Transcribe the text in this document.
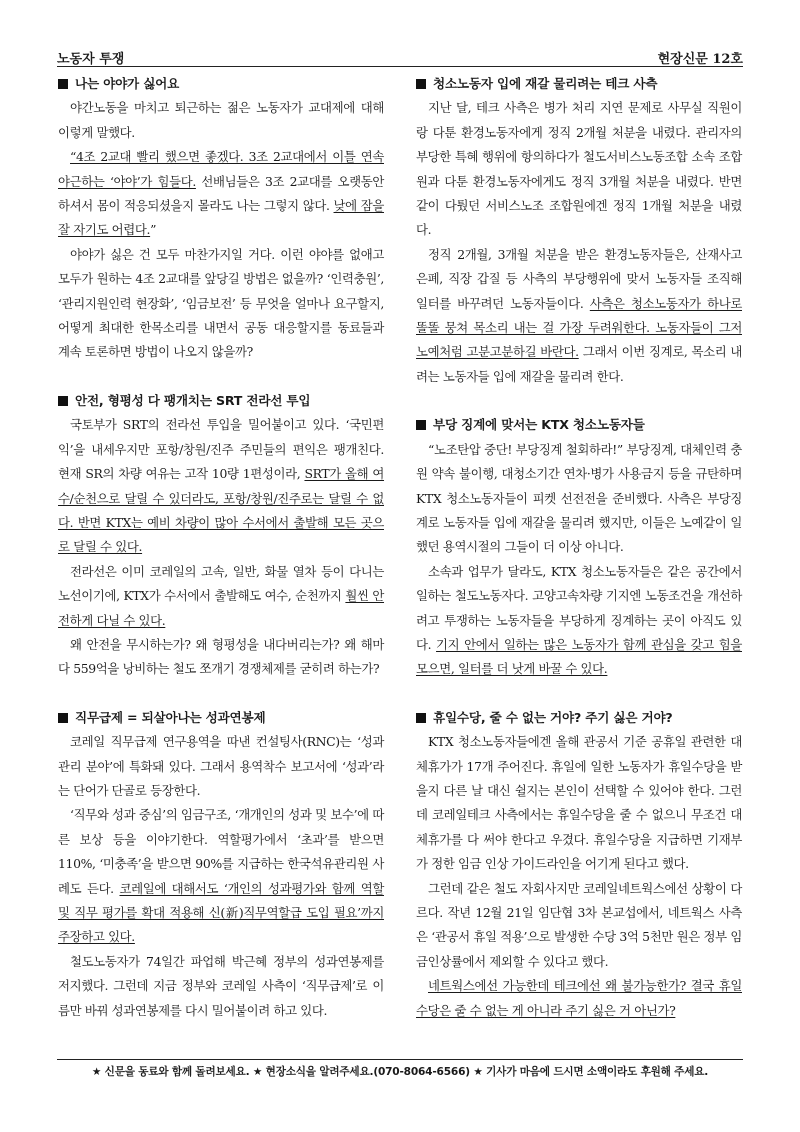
노동자 투쟁	현장신문 12호
나는 야야가 싫어요

야간노동을 마치고 퇴근하는 젊은 노동자가 교대제에 대해 이렇게 말했다.

“4조 2교대 빨리 했으면 좋겠다. 3조 2교대에서 이틀 연속 야근하는 ‘야야’가 힘들다. 선배님들은 3조 2교대를 오랫동안 하셔서 몸이 적응되셨을지 몰라도 나는 그렇지 않다. 낮에 잠을 잘 자기도 어렵다.”

야야가 싫은 건 모두 마찬가지일 거다. 이런 야야를 없애고 모두가 원하는 4조 2교대를 앞당길 방법은 없을까? ‘인력충원’, ‘관리지원인력 현장화’, ‘임금보전’ 등 무엇을 얼마나 요구할지, 어떻게 최대한 한목소리를 내면서 공동 대응할지를 동료들과 계속 토론하면 방법이 나오지 않을까?

안전, 형평성 다 팽개치는 SRT 전라선 투입

국토부가 SRT의 전라선 투입을 밀어붙이고 있다. ‘국민편익’을 내세우지만 포항/창원/진주 주민들의 편익은 팽개친다. 현재 SR의 차량 여유는 고작 10량 1편성이라, SRT가 올해 여수/순천으로 달릴 수 있더라도, 포항/창원/진주로는 달릴 수 없다. 반면 KTX는 예비 차량이 많아 수서에서 출발해 모든 곳으로 달릴 수 있다.

전라선은 이미 코레일의 고속, 일반, 화물 열차 등이 다니는 노선이기에, KTX가 수서에서 출발해도 여수, 순천까지 훨씬 안전하게 다닐 수 있다.

왜 안전을 무시하는가? 왜 형평성을 내다버리는가? 왜 해마다 559억을 낭비하는 철도 쪼개기 경쟁체제를 굳히려 하는가?

직무급제 = 되살아나는 성과연봉제

코레일 직무급제 연구용역을 따낸 컨설팅사(RNC)는 ‘성과관리 분야’에 특화돼 있다. 그래서 용역착수 보고서에 ‘성과’라는 단어가 단골로 등장한다.

‘직무와 성과 중심’의 임금구조, ‘개개인의 성과 및 보수’에 따른 보상 등을 이야기한다. 역할평가에서 ‘초과’를 받으면 110%, ‘미충족’을 받으면 90%를 지급하는 한국석유관리원 사례도 든다. 코레일에 대해서도 ‘개인의 성과평가와 함께 역할 및 직무 평가를 확대 적용해 신(新)직무역할급 도입 필요’까지 주장하고 있다.

철도노동자가 74일간 파업해 박근혜 정부의 성과연봉제를 저지했다. 그런데 지금 정부와 코레일 사측이 ‘직무급제’로 이름만 바꿔 성과연봉제를 다시 밀어붙이려 하고 있다.

청소노동자 입에 재갈 물리려는 테크 사측

지난 달, 테크 사측은 병가 처리 지연 문제로 사무실 직원이랑 다툰 환경노동자에게 정직 2개월 처분을 내렸다. 관리자의 부당한 특혜 행위에 항의하다가 철도서비스노동조합 소속 조합원과 다툰 환경노동자에게도 정직 3개월 처분을 내렸다. 반면 같이 다퉜던 서비스노조 조합원에겐 정직 1개월 처분을 내렸다.

정직 2개월, 3개월 처분을 받은 환경노동자들은, 산재사고 은폐, 직장 갑질 등 사측의 부당행위에 맞서 노동자들 조직해 일터를 바꾸려던 노동자들이다. 사측은 청소노동자가 하나로 똘똘 뭉쳐 목소리 내는 걸 가장 두려워한다. 노동자들이 그저 노예처럼 고분고분하길 바란다. 그래서 이번 징계로, 목소리 내려는 노동자들 입에 재갈을 물리려 한다.

부당 징계에 맞서는 KTX 청소노동자들

“노조탄압 중단! 부당징계 철회하라!” 부당징계, 대체인력 충원 약속 불이행, 대청소기간 연차·병가 사용금지 등을 규탄하며 KTX 청소노동자들이 피켓 선전전을 준비했다. 사측은 부당징계로 노동자들 입에 재갈을 물리려 했지만, 이들은 노예같이 일했던 용역시절의 그들이 더 이상 아니다.

소속과 업무가 달라도, KTX 청소노동자들은 같은 공간에서 일하는 철도노동자다. 고양고속차량 기지엔 노동조건을 개선하려고 투쟁하는 노동자들을 부당하게 징계하는 곳이 아직도 있다. 기지 안에서 일하는 많은 노동자가 함께 관심을 갖고 힘을 모으면, 일터를 더 낫게 바꿀 수 있다.

휴일수당, 줄 수 없는 거야? 주기 싫은 거야?

KTX 청소노동자들에겐 올해 관공서 기준 공휴일 관련한 대체휴가가 17개 주어진다. 휴일에 일한 노동자가 휴일수당을 받을지 다른 날 대신 쉴지는 본인이 선택할 수 있어야 한다. 그런데 코레일테크 사측에서는 휴일수당을 줄 수 없으니 무조건 대체휴가를 다 써야 한다고 우겼다. 휴일수당을 지급하면 기재부가 정한 임금 인상 가이드라인을 어기게 된다고 했다.

그런데 같은 철도 자회사지만 코레일네트웍스에선 상황이 다르다. 작년 12월 21일 임단협 3차 본교섭에서, 네트웍스 사측은 ‘관공서 휴일 적용’으로 발생한 수당 3억 5천만 원은 정부 임금인상률에서 제외할 수 있다고 했다.

네트웍스에선 가능한데 테크에선 왜 불가능한가? 결국 휴일수당은 줄 수 없는 게 아니라 주기 싫은 거 아닌가?

★ 신문을 동료와 함께 돌려보세요. ★ 현장소식을 알려주세요.(070-8064-6566) ★ 기사가 마음에 드시면 소액이라도 후원해 주세요.
